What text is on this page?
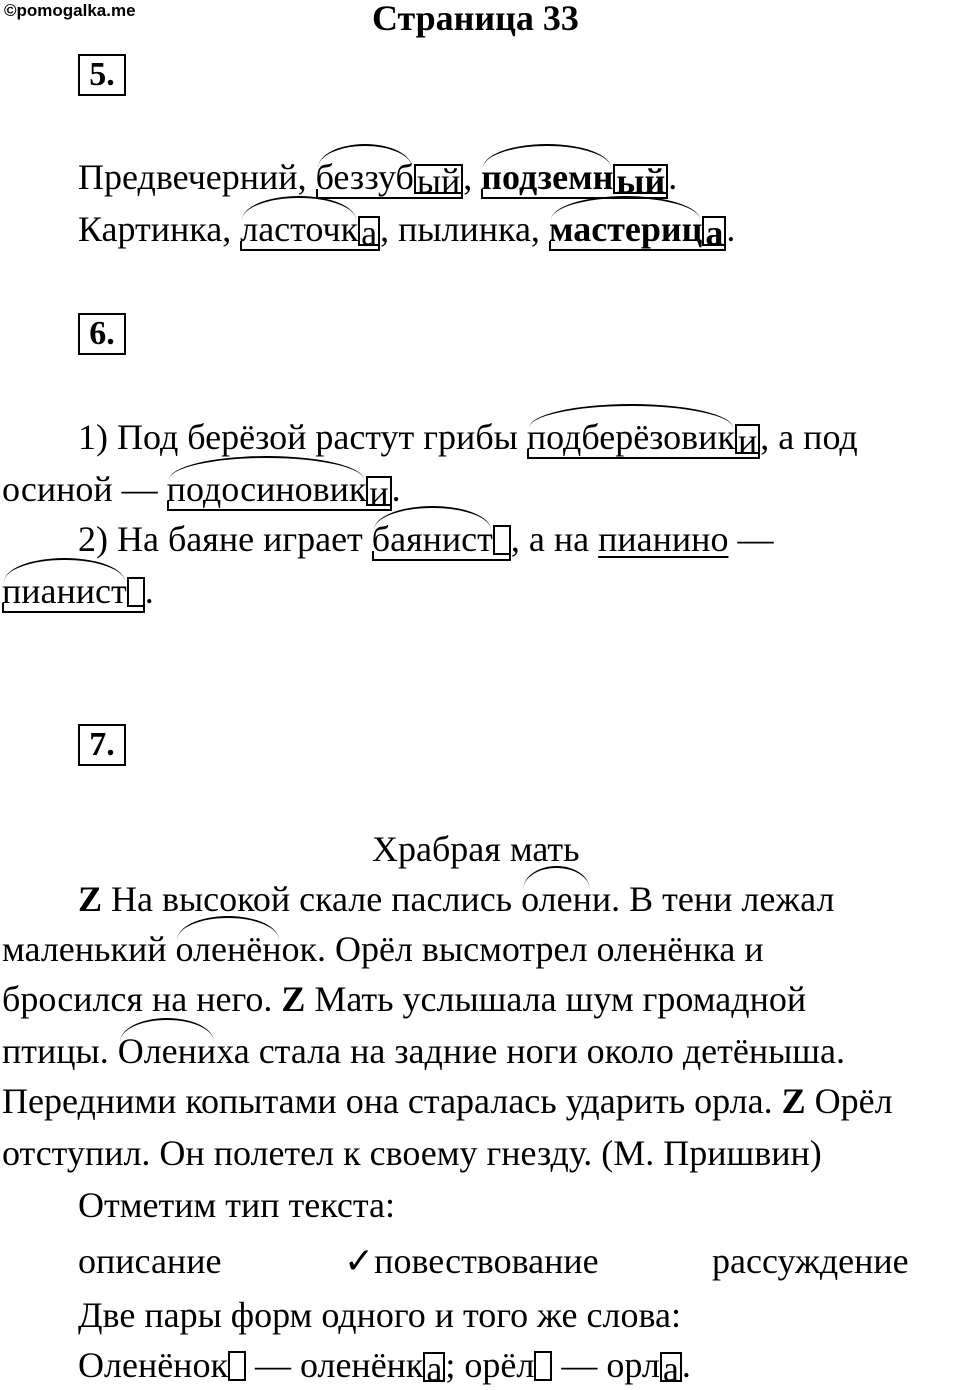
©pomogalka.me	Страница 33
5.
Предвечерний, беззубый, подземный.
Картинка, ласточка, пылинка, мастерица.
6.
1) Под берёзой растут грибы подберёзовики, а под
осиной — подосиновики.
2) На баяне играет баянист , а на пианино —
пианист .
7.
Храбрая мать
Z На высокой скале паслись олени. В тени лежал
маленький оленёнок. Орёл высмотрел оленёнка и
бросился на него. Z Мать услышала шум громадной
птицы. Олениха стала на задние ноги около детёныша.
Передними копытами она старалась ударить орла. Z Орёл
отступил. Он полетел к своему гнезду. (М. Пришвин)
Отметим тип текста:
описание	✓повествование	рассуждение
Две пары форм одного и того же слова:
Оленёнок — оленёнка; орёл — орла.
